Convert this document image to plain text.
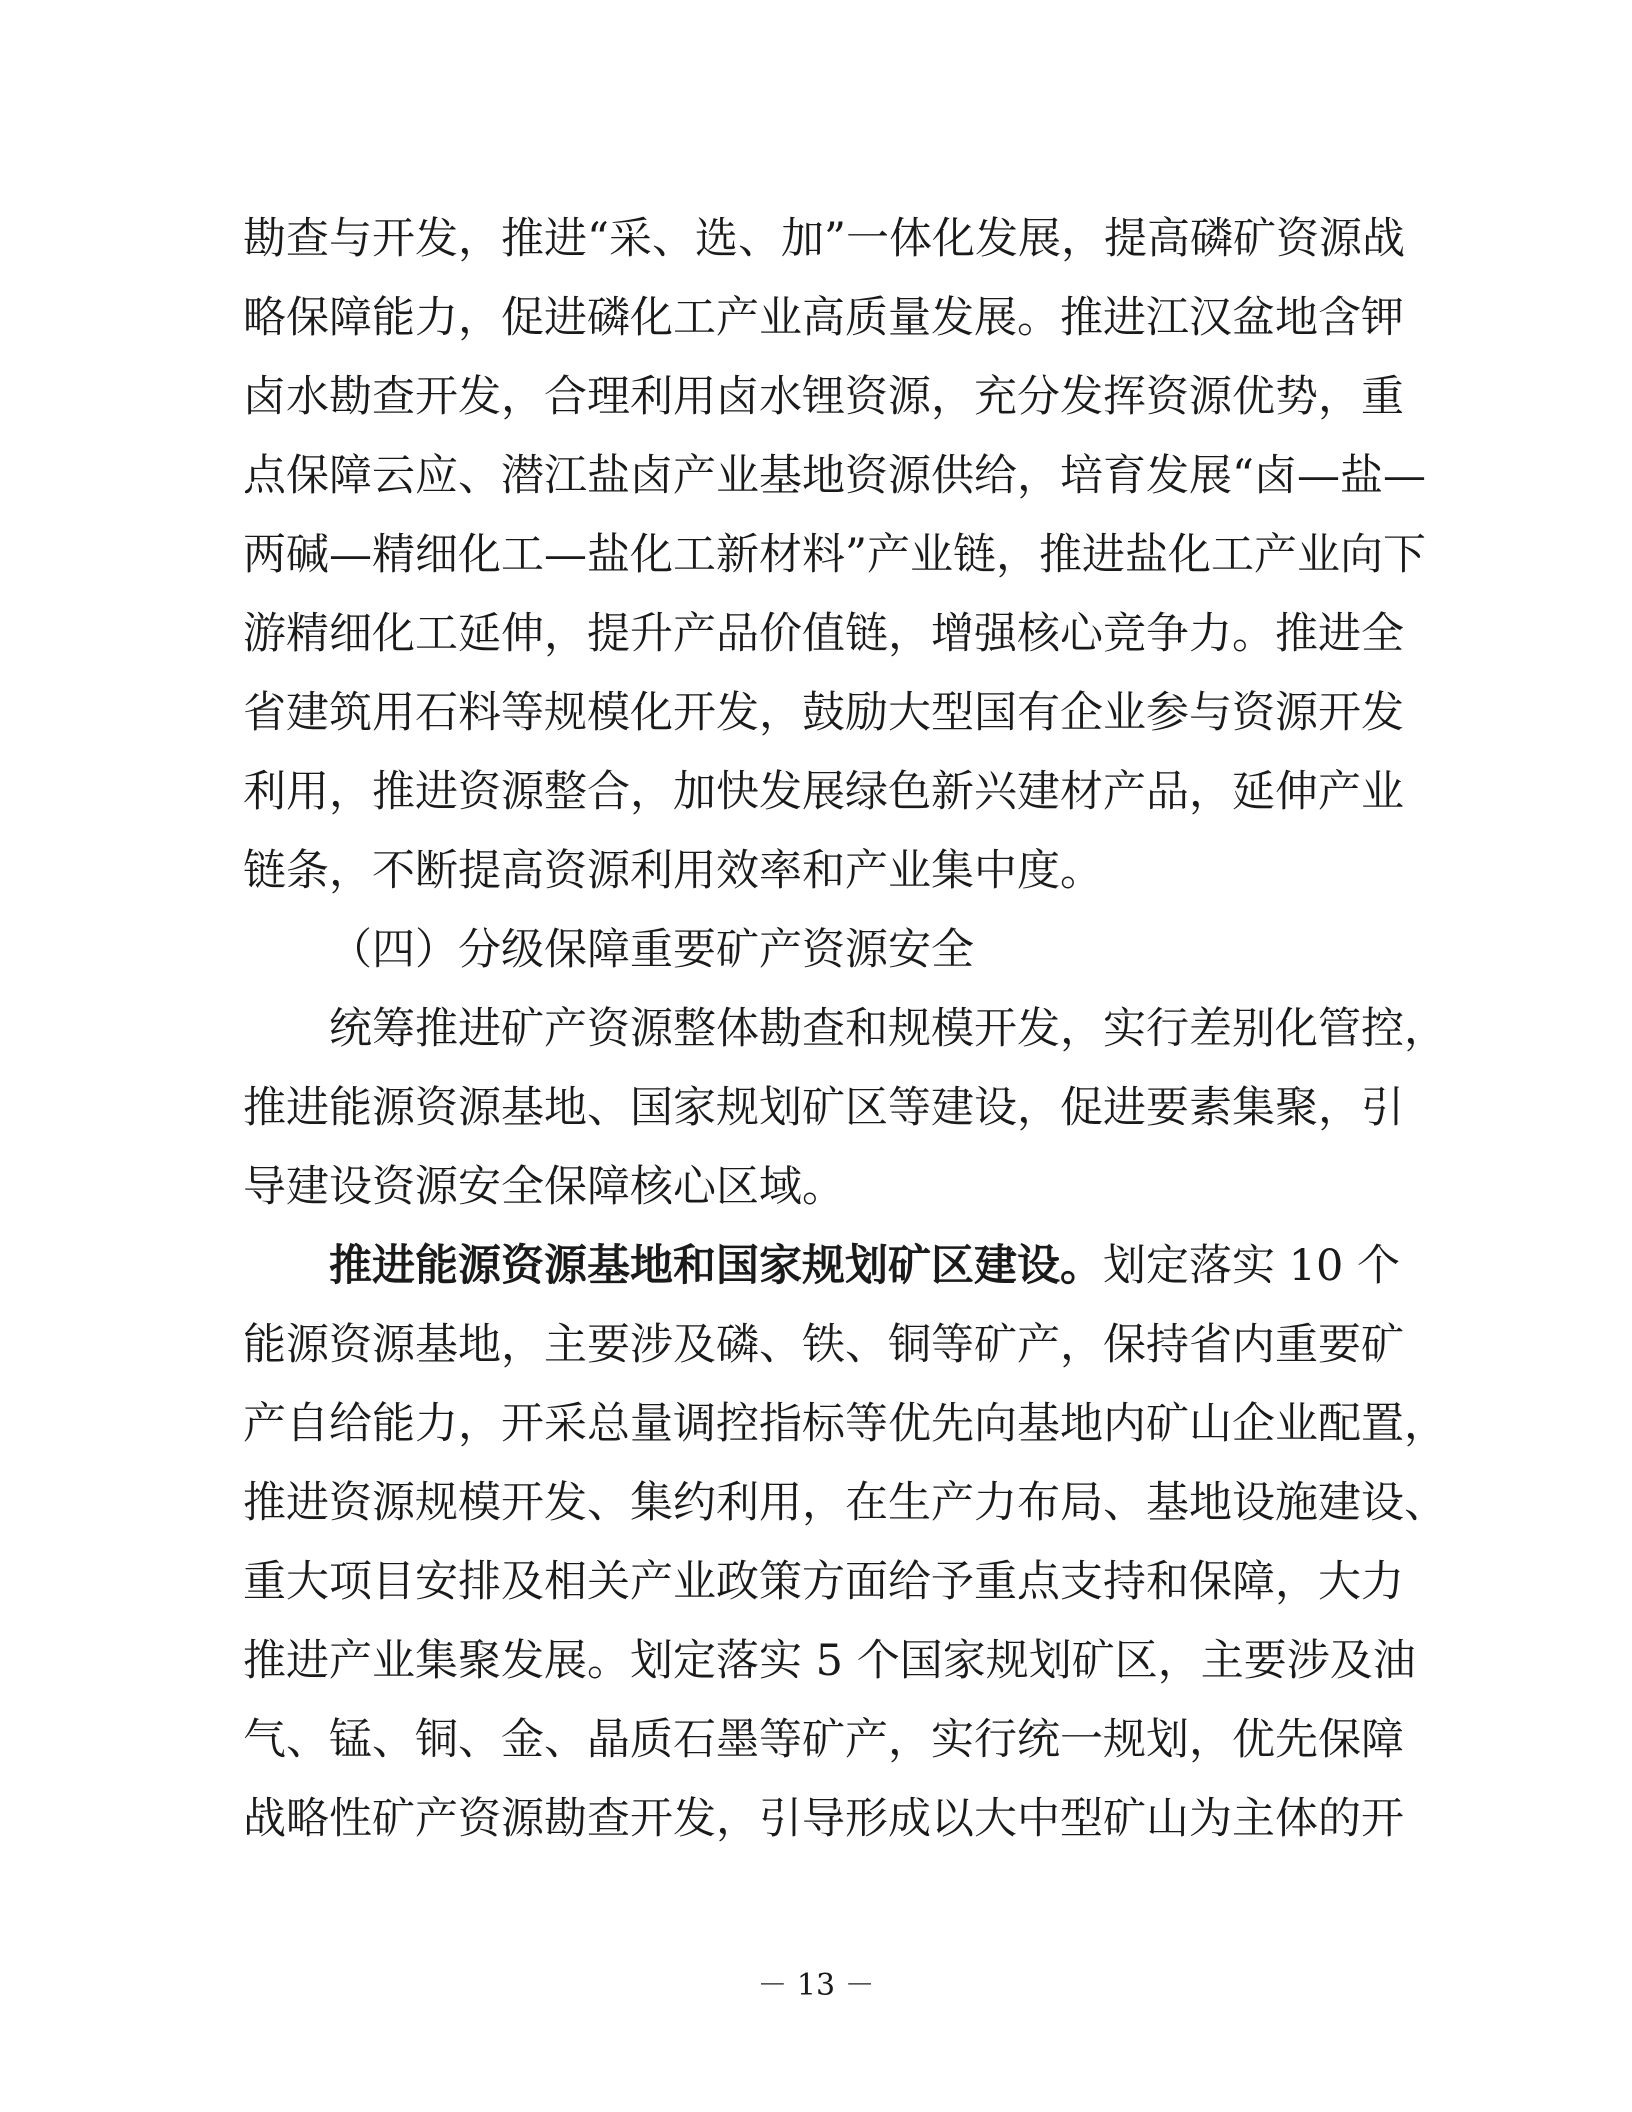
勘查与开发，推进“采、选、加”一体化发展，提高磷矿资源战
略保障能力，促进磷化工产业高质量发展。推进江汉盆地含钾
卤水勘查开发，合理利用卤水锂资源，充分发挥资源优势，重
点保障云应、潜江盐卤产业基地资源供给，培育发展“卤—盐—
两碱—精细化工—盐化工新材料”产业链，推进盐化工产业向下
游精细化工延伸，提升产品价值链，增强核心竞争力。推进全
省建筑用石料等规模化开发，鼓励大型国有企业参与资源开发
利用，推进资源整合，加快发展绿色新兴建材产品，延伸产业
链条，不断提高资源利用效率和产业集中度。
（四）分级保障重要矿产资源安全
统筹推进矿产资源整体勘查和规模开发，实行差别化管控，
推进能源资源基地、国家规划矿区等建设，促进要素集聚，引
导建设资源安全保障核心区域。
推进能源资源基地和国家规划矿区建设。划定落实 10 个
能源资源基地，主要涉及磷、铁、铜等矿产，保持省内重要矿
产自给能力，开采总量调控指标等优先向基地内矿山企业配置，
推进资源规模开发、集约利用，在生产力布局、基地设施建设、
重大项目安排及相关产业政策方面给予重点支持和保障，大力
推进产业集聚发展。划定落实 5 个国家规划矿区，主要涉及油
气、锰、铜、金、晶质石墨等矿产，实行统一规划，优先保障
战略性矿产资源勘查开发，引导形成以大中型矿山为主体的开
－ 13 －
